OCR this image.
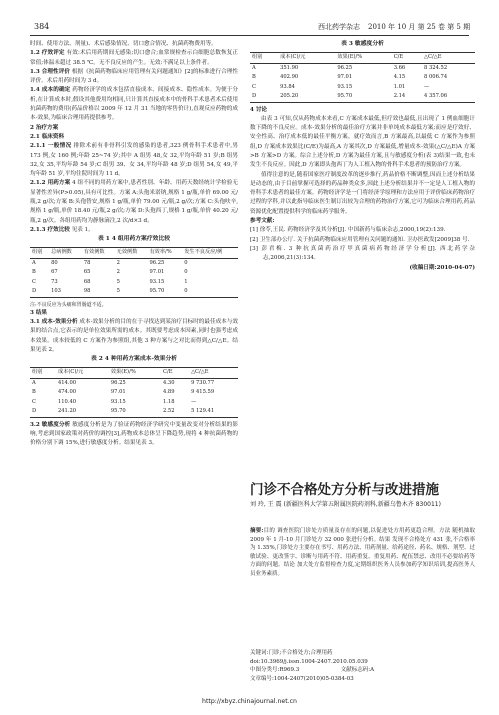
384	西北药学杂志 2010 年 10 月 第 25 卷 第 5 期

时间、使用方法、剂量)、术后感染情况、切口愈合情况、抗菌药物费用等。

1.2 疗效评定 有效:术后用药期间无感染;切口愈合;血常规检查示白细胞总数恢复正常值;体温未超过 38.5 ℃。无不良反应的产生。无效:不满足以上条件者。

1.3 合理性评价 根据《抗菌药物临床应用管理有关问题通知》[2]的标准进行合理性评价。术后用药时间为 3 d。

1.4 成本的确定 药物经济学的成本包括直接成本、间接成本、隐性成本。为便于分析,在计算成本时,假设其他费用均相同,只计算其直接成本中的骨科手术患者术后使用抗菌药物的费用(药品价格以 2009 年 12 月 31 当地的零售价计),直观反应药物的成本-效果,为临床合理用药提供参考。

2 治疗方案

2.1 临床资料

2.1.1 一般情况 排除术前有非骨科引发的感染的患者,323 例骨科手术患者中,男 173 例,女 160 例;年龄 25~74 岁;其中 A 组男 48,女 32,平均年龄 51 岁;B 组男 32,女 35,平均年龄 54 岁;C 组男 39、女 34,平均年龄 48 岁;D 组男 54,女 49,平均年龄 51 岁,平均住院时间为 11 d。

2.1.2 用药方案 4 组不同的用药方案中,患者性别、年龄、用药天数经统计学检验无显著性差异(P>0.05),具有可比性。方案 A:头孢米诺钠,规格 1 g/瓶,单价 69.00 元/瓶,2 g/次;方案 B:头孢替安,规格 1 g/瓶,单价 79.00 元/瓶,2 g/次;方案 C:头孢呋辛,规格 1 g/瓶,单价 18.40 元/瓶,2 g/次;方案 D:头孢西丁,规格 1 g/瓶,单价 40.20 元/瓶,2 g/次。各组用药均为静脉滴注,2 次/d×3 d。

2.1.3 疗效比较 见表 1。

表 1 4 组用药方案疗效比较
组别	总病例数	有效例数	无效例数	有效率/%	发生不良反应/例
A	80	78	2	96.25	0
B	67	65	2	97.01	0
C	73	68	5	93.15	1
D	103	98	5	95.70	0
注:不良反应为头痛和胃肠道不适。

3 结果

3.1 成本-效果分析 成本-效果分析的目的在于寻找达到某治疗目标时的最佳成本与效果的结合点,它表示的是单位效果所需的成本。其既要考虑成本因素,同时也强考虑成本效果。成本较低的 C 方案作为参照组,其他 3 种方案与之对比而得到△C/△E。结果见表 2。

表 2 4 种用药方案成本-效果分析
组别	成本(C)/元	效果(E)/%	C/E	△C/△E
A	414.00	96.25	4.30	9 730.77
B	474.00	97.01	4.89	9 415.59
C	110.40	93.15	1.18	—
D	241.20	95.70	2.52	5 129.41

3.2 敏感度分析 敏感度分析是为了验证药物经济学研究中变量改变对分析结果的影响,考虑到国家政策对药价的调控[3],药物成本总体呈下降趋势,现将 4 种抗菌药物的价格分别下调 15%,进行敏感度分析。结果见表 3。

表 3 敏感度分析
组别	成本(C)/元	效果(E)/%	C/E	△C/△E
A	351.90	96.25	3.66	8 324.52
B	402.90	97.01	4.15	8 006.74
C	93.84	93.15	1.01	—
D	205.20	95.70	2.14	4 357.06

4 讨论

由表 3 可知,仅从药物成本来看,C 方案成本最低,但疗效也最低,且出现了 1 例血细胞计数下降的不良反应。成本-效果分析的最佳治疗方案并非单纯成本最低方案;而应是疗效好、安全性高、治疗成本低的最佳平衡方案。就疗效而言,B 方案最高,以最低 C 方案作为参照组,D 方案成本效果比(C/E)为最高,A 方案其次,D 方案最低,增量成本-效果(△C/△E)A 方案>B 方案>D 方案。综合上述分析,D 方案为最佳方案,且与敏感度分析(表 3)结果一致,也未发生不良反应。因此,D 方案即头孢西丁为人工植入物的骨科手术患者的预防治疗方案。

值得注意的是,随着国家医疗制度改革的逐步推行,药品价格不断调整,因而上述分析结果是动态的,由于目前掌握可选择的药品种类众多,因此上述分析结果并不一定是人工植入物的骨科手术患者的最佳方案。药物经济学是一门将经济学原理和方法应用于评价临床药物治疗过程的学科,并以此指导临床医生制订出较为合理的药物治疗方案,它可为临床合理用药,药品资源优化配置提供科学的临床药学服务。

参考文献:

[1] 徐苓,王民. 药物经济学及其分析[J]. 中国新药与临床杂志,2000,19(2):139.
[2] 卫生部办公厅. 关于抗菌药物临床应用管理有关问题的通知. 卫办医政发[2009]38 号.
[3] 彭君梅. 3 种抗真菌药治疗甲真菌病药物经济学分析[J]. 西北药学杂志,2006,21(3):134.
(收稿日期:2010-04-07)
门诊不合格处方分析与改进措施
刘 玲, 王 震 (新疆医科大学第五附属医院药剂科,新疆乌鲁木齐 830011)
摘要:目的 调查医院门诊处方质量及存在的问题,以促进处方用药更趋合理。方法 随机抽取 2009 年 1 月-10 月门诊处方 32 000 张进行分析。结果 发现不合格处方 431 张,不合格率为 1.35%,门诊处方主要存在书写、用药方法、用药剂量、给药途径、药名、规格、剂型、过敏试验、更改签字、诊断与用药不符、用药重复、重复用药、配伍禁忌、改用不必要给药等方面的问题。结论 加大处方监督检查力度,定期组织医务人员参加药学知识培训,提高医务人员业务素质。
关键词:门诊;不合格处方;合理用药
doi:10.3969/j.issn.1004-2407.2010.05.039
中图分类号:R969.3	文献标志码:A
文章编号:1004-2407(2010)05-0384-03
http://xbyz.chinajournal.net.cn
